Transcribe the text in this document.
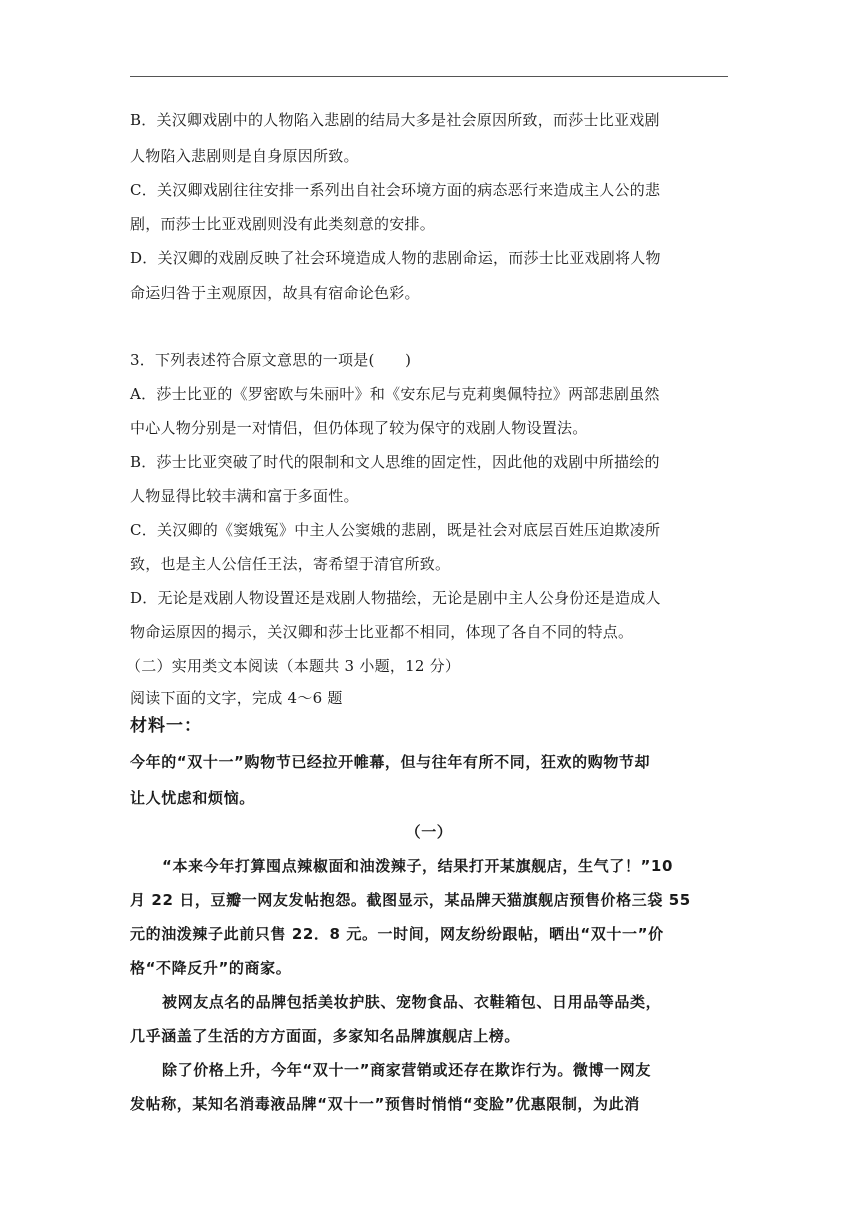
B．关汉卿戏剧中的人物陷入悲剧的结局大多是社会原因所致，而莎士比亚戏剧
人物陷入悲剧则是自身原因所致。
C．关汉卿戏剧往往安排一系列出自社会环境方面的病态恶行来造成主人公的悲
剧，而莎士比亚戏剧则没有此类刻意的安排。
D．关汉卿的戏剧反映了社会环境造成人物的悲剧命运，而莎士比亚戏剧将人物
命运归咎于主观原因，故具有宿命论色彩。
3．下列表述符合原文意思的一项是(　　)
A．莎士比亚的《罗密欧与朱丽叶》和《安东尼与克莉奥佩特拉》两部悲剧虽然
中心人物分别是一对情侣，但仍体现了较为保守的戏剧人物设置法。
B．莎士比亚突破了时代的限制和文人思维的固定性，因此他的戏剧中所描绘的
人物显得比较丰满和富于多面性。
C．关汉卿的《窦娥冤》中主人公窦娥的悲剧，既是社会对底层百姓压迫欺凌所
致，也是主人公信任王法，寄希望于清官所致。
D．无论是戏剧人物设置还是戏剧人物描绘，无论是剧中主人公身份还是造成人
物命运原因的揭示，关汉卿和莎士比亚都不相同，体现了各自不同的特点。
（二）实用类文本阅读（本题共 3 小题，12 分）
阅读下面的文字，完成 4～6 题
材料一：
今年的“双十一”购物节已经拉开帷幕，但与往年有所不同，狂欢的购物节却
让人忧虑和烦恼。
（一）
“本来今年打算囤点辣椒面和油泼辣子，结果打开某旗舰店，生气了！”10
月 22 日，豆瓣一网友发帖抱怨。截图显示，某品牌天猫旗舰店预售价格三袋 55
元的油泼辣子此前只售 22．8 元。一时间，网友纷纷跟帖，晒出“双十一”价
格“不降反升”的商家。
被网友点名的品牌包括美妆护肤、宠物食品、衣鞋箱包、日用品等品类，
几乎涵盖了生活的方方面面，多家知名品牌旗舰店上榜。
除了价格上升，今年“双十一”商家营销或还存在欺诈行为。微博一网友
发帖称，某知名消毒液品牌“双十一”预售时悄悄“变脸”优惠限制，为此消
